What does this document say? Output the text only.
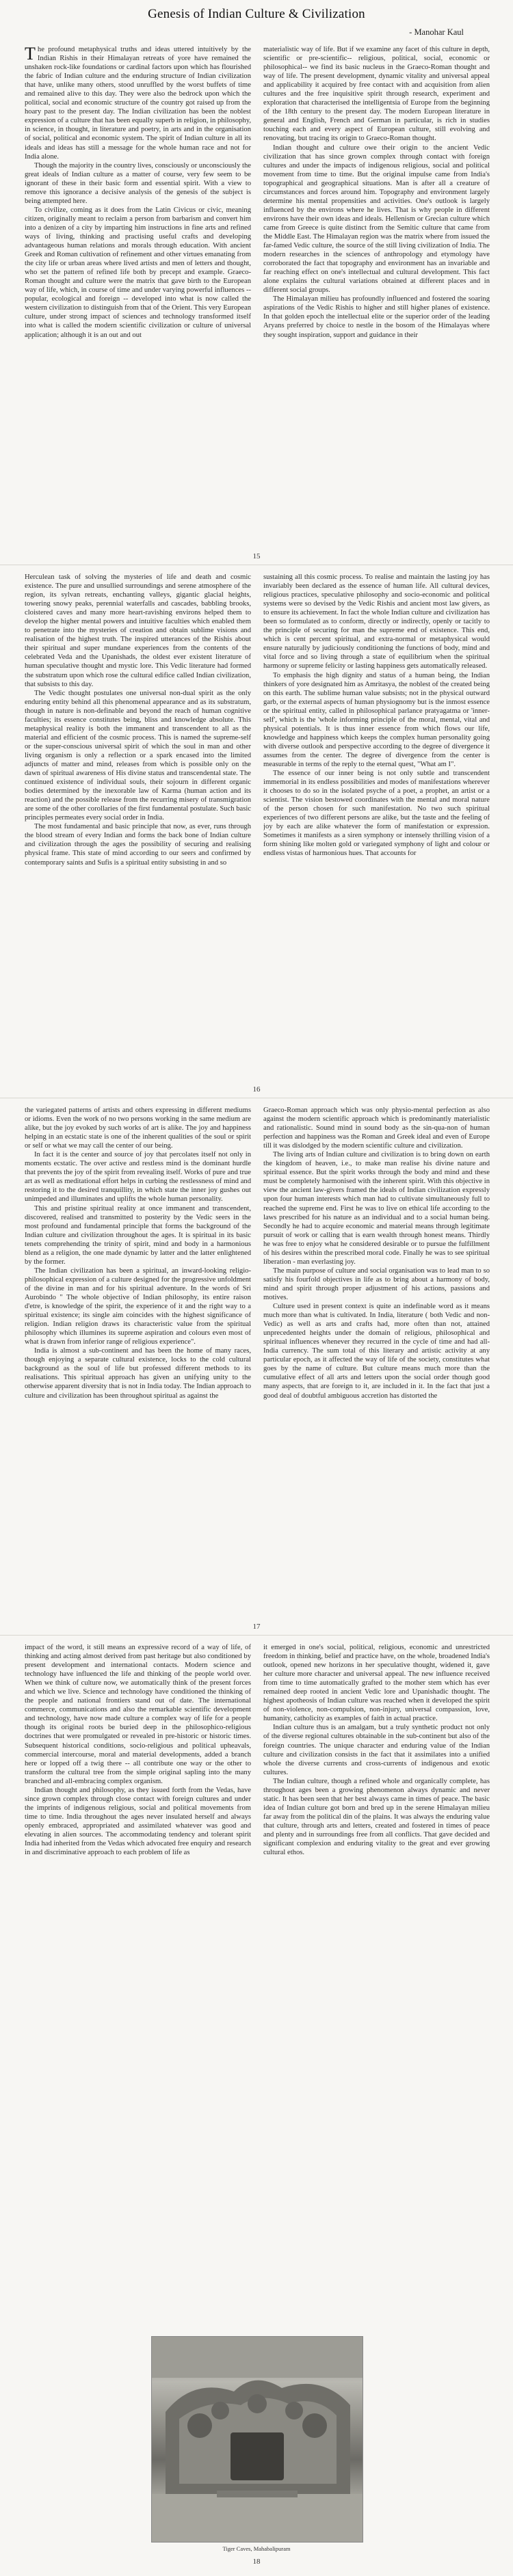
Genesis of Indian Culture & Civilization
- Manohar Kaul

The profound metaphysical truths and ideas uttered intuitively by the Indian Rishis in their Himalayan retreats of yore have remained the unshaken rock-like foundations or cardinal factors upon which has flourished the fabric of Indian culture and the enduring structure of Indian civilization that have, unlike many others, stood unruffled by the worst buffets of time and remained alive to this day. They were also the bedrock upon which the political, social and economic structure of the country got raised up from the hoary past to the present day. The Indian civilization has been the noblest expression of a culture that has been equally superb in religion, in philosophy, in science, in thought, in literature and poetry, in arts and in the organisation of social, political and economic system. The spirit of Indian culture in all its ideals and ideas has still a message for the whole human race and not for India alone.

Though the majority in the country lives, consciously or unconsciously the great ideals of Indian culture as a matter of course, very few seem to be ignorant of these in their basic form and essential spirit. With a view to remove this ignorance a decisive analysis of the genesis of the subject is being attempted here.

To civilize, coming as it does from the Latin Civicus or civic, meaning citizen, originally meant to reclaim a person from barbarism and convert him into a denizen of a city by imparting him instructions in fine arts and refined ways of living, thinking and practising useful crafts and developing advantageous human relations and morals through education. With ancient Greek and Roman cultivation of refinement and other virtues emanating from the city life or urban areas where lived artists and men of letters and thought, who set the pattern of refined life both by precept and example. Graeco-Roman thought and culture were the matrix that gave birth to the European way of life, which, in course of time and under varying powerful influences -- popular, ecological and foreign -- developed into what is now called the western civilization to distinguish from that of the Orient. This very European culture, under strong impact of sciences and technology transformed itself into what is called the modern scientific civilization or culture of universal application; although it is an out and out

materialistic way of life. But if we examine any facet of this culture in depth, scientific or pre-scientific-- religious, political, social, economic or philosophical-- we find its basic nucleus in the Graeco-Roman thought and way of life. The present development, dynamic vitality and universal appeal and applicability it acquired by free contact with and acquisition from alien cultures and the free inquisitive spirit through research, experiment and exploration that characterised the intelligentsia of Europe from the beginning of the 18th century to the present day. The modern European literature in general and English, French and German in particular, is rich in studies touching each and every aspect of European culture, still evolving and renovating, but tracing its origin to Graeco-Roman thought.

Indian thought and culture owe their origin to the ancient Vedic civilization that has since grown complex through contact with foreign cultures and under the impacts of indigenous religious, social and political movement from time to time. But the original impulse came from India's topographical and geographical situations. Man is after all a creature of circumstances and forces around him. Topography and environment largely determine his mental propensities and activities. One's outlook is largely influenced by the environs where he lives. That is why people in different environs have their own ideas and ideals. Hellenism or Grecian culture which came from Greece is quite distinct from the Semitic culture that came from the Middle East. The Himalayan region was the matrix where from issued the far-famed Vedic culture, the source of the still living civilization of India. The modern researches in the sciences of anthropology and etymology have corroborated the fact that topography and environment has an invariable and far reaching effect on one's intellectual and cultural development. This fact alone explains the cultural variations obtained at different places and in different social groups.

The Himalayan milieu has profoundly influenced and fostered the soaring aspirations of the Vedic Rishis to higher and still higher planes of existence. In that golden epoch the intellectual elite or the superior order of the leading Aryans preferred by choice to nestle in the bosom of the Himalayas where they sought inspiration, support and guidance in their

15

Herculean task of solving the mysteries of life and death and cosmic existence. The pure and unsullied surroundings and serene atmosphere of the region, its sylvan retreats, enchanting valleys, gigantic glacial heights, towering snowy peaks, perennial waterfalls and cascades, babbling brooks, cloistered caves and many more heart-ravishing environs helped them to develop the higher mental powers and intuitive faculties which enabled them to penetrate into the mysteries of creation and obtain sublime visions and realisation of the highest truth. The inspired utterances of the Rishis about their spiritual and super mundane experiences from the contents of the celebrated Veda and the Upanishads, the oldest ever existent literature of human speculative thought and mystic lore. This Vedic literature had formed the substratum upon which rose the cultural edifice called Indian civilization, that subsists to this day.

The Vedic thought postulates one universal non-dual spirit as the only enduring entity behind all this phenomenal appearance and as its substratum, though in nature is non-definable and beyond the reach of human cognitive faculties; its essence constitutes being, bliss and knowledge absolute. This metaphysical reality is both the immanent and transcendent to all as the material and efficient of the cosmic process. This is named the supreme-self or the super-conscious universal spirit of which the soul in man and other living organism is only a reflection or a spark encased into the limited adjuncts of matter and mind, releases from which is possible only on the dawn of spiritual awareness of His divine status and transcendental state. The continued existence of individual souls, their sojourn in different organic bodies determined by the inexorable law of Karma (human action and its reaction) and the possible release from the recurring misery of transmigration are some of the other corollaries of the first fundamental postulate. Such basic principles permeates every social order in India.

The most fundamental and basic principle that now, as ever, runs through the blood stream of every Indian and forms the back bone of Indian culture and civilization through the ages the possibility of securing and realising physical frame. This state of mind according to our seers and confirmed by contemporary saints and Sufis is a spiritual entity subsisting in and so

sustaining all this cosmic process. To realise and maintain the lasting joy has invariably been declared as the essence of human life. All cultural devices, religious practices, speculative philosophy and socio-economic and political systems were so devised by the Vedic Rishis and ancient most law givers, as to ensure its achievement. In fact the whole Indian culture and civilization has been so formulated as to conform, directly or indirectly, openly or tacitly to the principle of securing for man the supreme end of existence. This end, which is cent percent spiritual, and extra-normal or metaphysical would ensure naturally by judiciously conditioning the functions of body, mind and vital force and so living through a state of equilibrium when the spiritual harmony or supreme felicity or lasting happiness gets automatically released.

To emphasis the high dignity and status of a human being, the Indian thinkers of yore designated him as Amritasya, the noblest of the created being on this earth. The sublime human value subsists; not in the physical outward garb, or the external aspects of human physiognomy but is the inmost essence or the spiritual entity, called in philosophical parlance pratyagatma or 'inner-self', which is the 'whole informing principle of the moral, mental, vital and physical potentials. It is thus inner essence from which flows our life, knowledge and happiness which keeps the complex human personality going with diverse outlook and perspective according to the degree of divergence it assumes from the center. The degree of divergence from the center is measurable in terms of the reply to the eternal quest, "What am I".

The essence of our inner being is not only subtle and transcendent immemorial in its endless possibilities and modes of manifestations wherever it chooses to do so in the isolated psyche of a poet, a prophet, an artist or a scientist. The vision bestowed coordinates with the mental and moral nature of the person chosen for such manifestation. No two such spiritual experiences of two different persons are alike, but the taste and the feeling of joy by each are alike whatever the form of manifestation or expression. Sometimes it manifests as a siren symphony or intensely thrilling vision of a form shining like molten gold or variegated symphony of light and colour or endless vistas of harmonious hues. That accounts for

16

the variegated patterns of artists and others expressing in different mediums or idioms. Even the work of no two persons working in the same medium are alike, but the joy evoked by such works of art is alike. The joy and happiness helping in an ecstatic state is one of the inherent qualities of the soul or spirit or self or what we may call the center of our being.

In fact it is the center and source of joy that percolates itself not only in moments ecstatic. The over active and restless mind is the dominant hurdle that prevents the joy of the spirit from revealing itself. Works of pure and true art as well as meditational effort helps in curbing the restlessness of mind and restoring it to the desired tranquillity, in which state the inner joy gushes out unimpeded and illuminates and uplifts the whole human personality.

This and pristine spiritual reality at once immanent and transcendent, discovered, realised and transmitted to posterity by the Vedic seers in the most profound and fundamental principle that forms the background of the Indian culture and civilization throughout the ages. It is spiritual in its basic tenets comprehending the trinity of spirit, mind and body in a harmonious blend as a religion, the one made dynamic by latter and the latter enlightened by the former.

The Indian civilization has been a spiritual, an inward-looking religio-philosophical expression of a culture designed for the progressive unfoldment of the divine in man and for his spiritual adventure. In the words of Sri Aurobindo " The whole objective of Indian philosophy, its entire raison d'etre, is knowledge of the spirit, the experience of it and the right way to a spiritual existence; its single aim coincides with the highest significance of religion. Indian religion draws its characteristic value from the spiritual philosophy which illumines its supreme aspiration and colours even most of what is drawn from inferior range of religious experience".

India is almost a sub-continent and has been the home of many races, though enjoying a separate cultural existence, locks to the cold cultural background as the soul of life but professed different methods to its realisations. This spiritual approach has given an unifying unity to the otherwise apparent diversity that is not in India today. The Indian approach to culture and civilization has been throughout spiritual as against the

Graeco-Roman approach which was only physio-mental perfection as also against the modern scientific approach which is predominantly materialistic and rationalistic. Sound mind in sound body as the sin-qua-non of human perfection and happiness was the Roman and Greek ideal and even of Europe till it was dislodged by the modern scientific culture and civilization.

The living arts of Indian culture and civilization is to bring down on earth the kingdom of heaven, i.e., to make man realise his divine nature and spiritual essence. But the spirit works through the body and mind and these must be completely harmonised with the inherent spirit. With this objective in view the ancient law-givers framed the ideals of Indian civilization expressly upon four human interests which man had to cultivate simultaneously full to reached the supreme end. First he was to live on ethical life according to the laws prescribed for his nature as an individual and to a social human being. Secondly he had to acquire economic and material means through legitimate pursuit of work or calling that is earn wealth through honest means. Thirdly he was free to enjoy what he considered desirable or to pursue the fulfillment of his desires within the prescribed moral code. Finally he was to see spiritual liberation - man everlasting joy.

The main purpose of culture and social organisation was to lead man to so satisfy his fourfold objectives in life as to bring about a harmony of body, mind and spirit through proper adjustment of his actions, passions and motives.

Culture used in present context is quite an indefinable word as it means much more than what is cultivated. In India, literature ( both Vedic and non-Vedic) as well as arts and crafts had, more often than not, attained unprecedented heights under the domain of religious, philosophical and spiritual influences whenever they recurred in the cycle of time and had all-India currency. The sum total of this literary and artistic activity at any particular epoch, as it affected the way of life of the society, constitutes what goes by the name of culture. But culture means much more than the cumulative effect of all arts and letters upon the social order though good many aspects, that are foreign to it, are included in it. In the fact that just a good deal of doubtful ambiguous accretion has distorted the

17

impact of the word, it still means an expressive record of a way of life, of thinking and acting almost derived from past heritage but also conditioned by present development and international contacts. Modern science and technology have influenced the life and thinking of the people world over. When we think of culture now, we automatically think of the present forces and which we live. Science and technology have conditioned the thinking of the people and national frontiers stand out of date. The international commerce, communications and also the remarkable scientific development and technology, have now made culture a complex way of life for a people though its original roots be buried deep in the philosophico-religious doctrines that were promulgated or revealed in pre-historic or historic times. Subsequent historical conditions, socio-religious and political upheavals, commercial intercourse, moral and material developments, added a branch here or lopped off a twig there -- all contribute one way or the other to transform the cultural tree from the simple original sapling into the many branched and all-embracing complex organism.

Indian thought and philosophy, as they issued forth from the Vedas, have since grown complex through close contact with foreign cultures and under the imprints of indigenous religious, social and political movements from time to time. India throughout the ages never insulated herself and always openly embraced, appropriated and assimilated whatever was good and elevating in alien sources. The accommodating tendency and tolerant spirit India had inherited from the Vedas which advocated free enquiry and research in and discriminative approach to each problem of life as

it emerged in one's social, political, religious, economic and unrestricted freedom in thinking, belief and practice have, on the whole, broadened India's outlook, opened new horizons in her speculative thought, widened it, gave her culture more character and universal appeal. The new influence received from time to time automatically grafted to the mother stem which has ever remained deep rooted in ancient Vedic lore and Upanishadic thought. The highest apotheosis of Indian culture was reached when it developed the spirit of non-violence, non-compulsion, non-injury, universal compassion, love, humanity, catholicity as examples of faith in actual practice.

Indian culture thus is an amalgam, but a truly synthetic product not only of the diverse regional cultures obtainable in the sub-continent but also of the foreign countries. The unique character and enduring value of the Indian culture and civilization consists in the fact that it assimilates into a unified whole the diverse currents and cross-currents of indigenous and exotic cultures.

The Indian culture, though a refined whole and organically complete, has throughout ages been a growing phenomenon always dynamic and never static. It has been seen that her best always came in times of peace. The basic idea of Indian culture got born and bred up in the serene Himalayan milieu far away from the political din of the plains. It was always the enduring value that culture, through arts and letters, created and fostered in times of peace and plenty and in surroundings free from all conflicts. That gave decided and significant complexion and enduring vitality to the great and ever growing cultural ethos.

Tiger Caves, Mahabalipuram
18
